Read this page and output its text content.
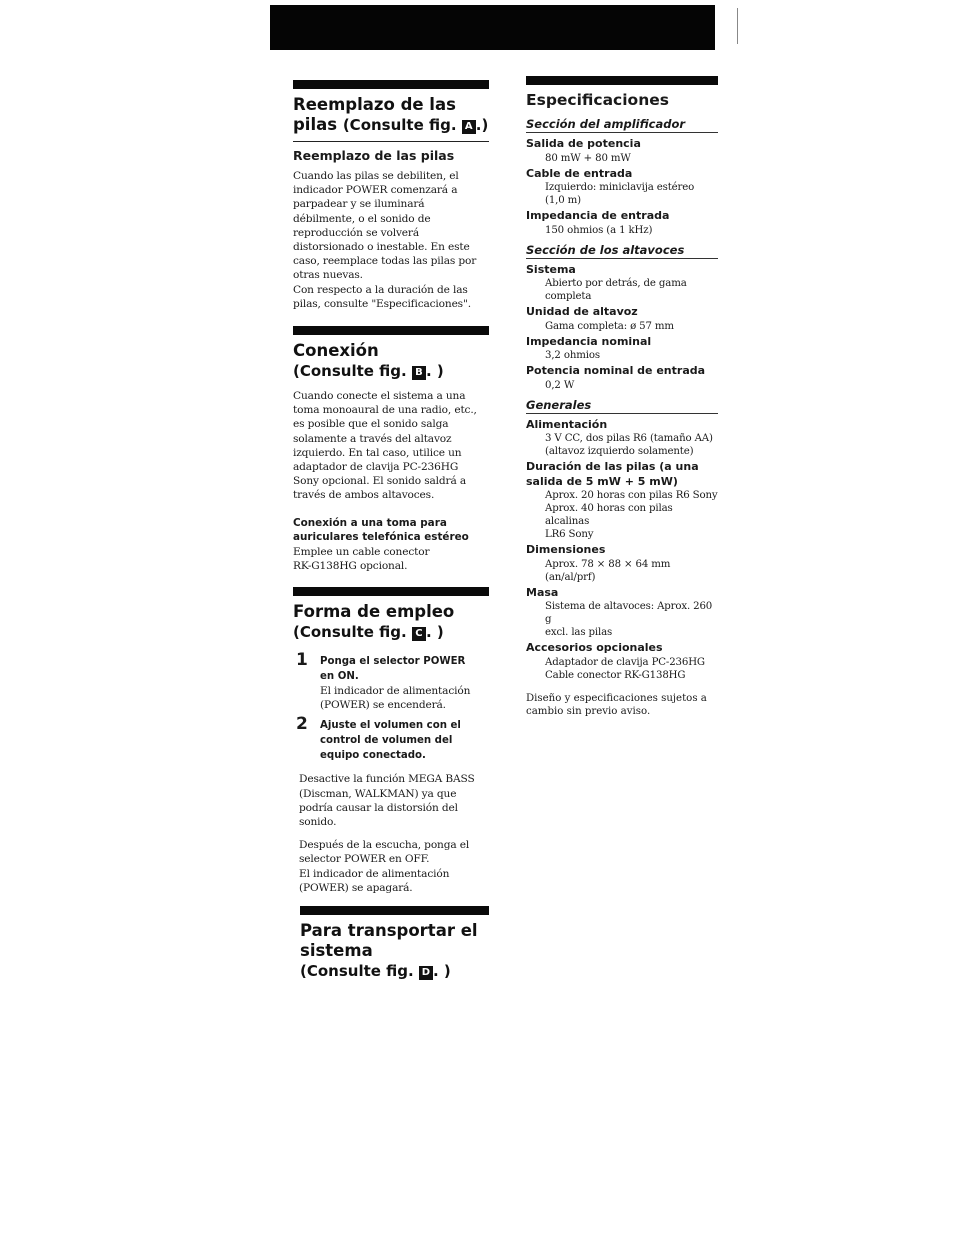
Reemplazo de las
pilas (Consulte fig. A .)

Reemplazo de las pilas

Cuando las pilas se debiliten, el
indicador POWER comenzará a
parpadear y se iluminará
débilmente, o el sonido de
reproducción se volverá
distorsionado o inestable. En este
caso, reemplace todas las pilas por
otras nuevas.
Con respecto a la duración de las
pilas, consulte "Especificaciones".

Conexión
(Consulte fig. B . )

Cuando conecte el sistema a una
toma monoaural de una radio, etc.,
es posible que el sonido salga
solamente a través del altavoz
izquierdo. En tal caso, utilice un
adaptador de clavija PC-236HG
Sony opcional. El sonido saldrá a
través de ambos altavoces.

Conexión a una toma para
auriculares telefónica estéreo

Emplee un cable conector
RK-G138HG opcional.

Forma de empleo
(Consulte fig. C . )
1 Ponga el selector POWER
en ON.

El indicador de alimentación
(POWER) se encenderá.

2 Ajuste el volumen con el
control de volumen del
equipo conectado.

Desactive la función MEGA BASS
(Discman, WALKMAN) ya que
podría causar la distorsión del
sonido.

Después de la escucha, ponga el
selector POWER en OFF.
El indicador de alimentación
(POWER) se apagará.

Para transportar el
sistema
(Consulte fig. D . )
Especificaciones

Sección del amplificador

Salida de potencia

80 mW + 80 mW

Cable de entrada

Izquierdo: miniclavija estéreo
(1,0 m)

Impedancia de entrada

150 ohmios (a 1 kHz)

Sección de los altavoces

Sistema

Abierto por detrás, de gama
completa

Unidad de altavoz

Gama completa: ø 57 mm

Impedancia nominal

3,2 ohmios

Potencia nominal de entrada

0,2 W

Generales

Alimentación

3 V CC, dos pilas R6 (tamaño AA)
(altavoz izquierdo solamente)

Duración de las pilas (a una
salida de 5 mW + 5 mW)

Aprox. 20 horas con pilas R6 Sony
Aprox. 40 horas con pilas alcalinas
LR6 Sony

Dimensiones

Aprox. 78 × 88 × 64 mm
(an/al/prf)

Masa

Sistema de altavoces: Aprox. 260 g
excl. las pilas

Accesorios opcionales

Adaptador de clavija PC-236HG
Cable conector RK-G138HG

Diseño y especificaciones sujetos a
cambio sin previo aviso.
